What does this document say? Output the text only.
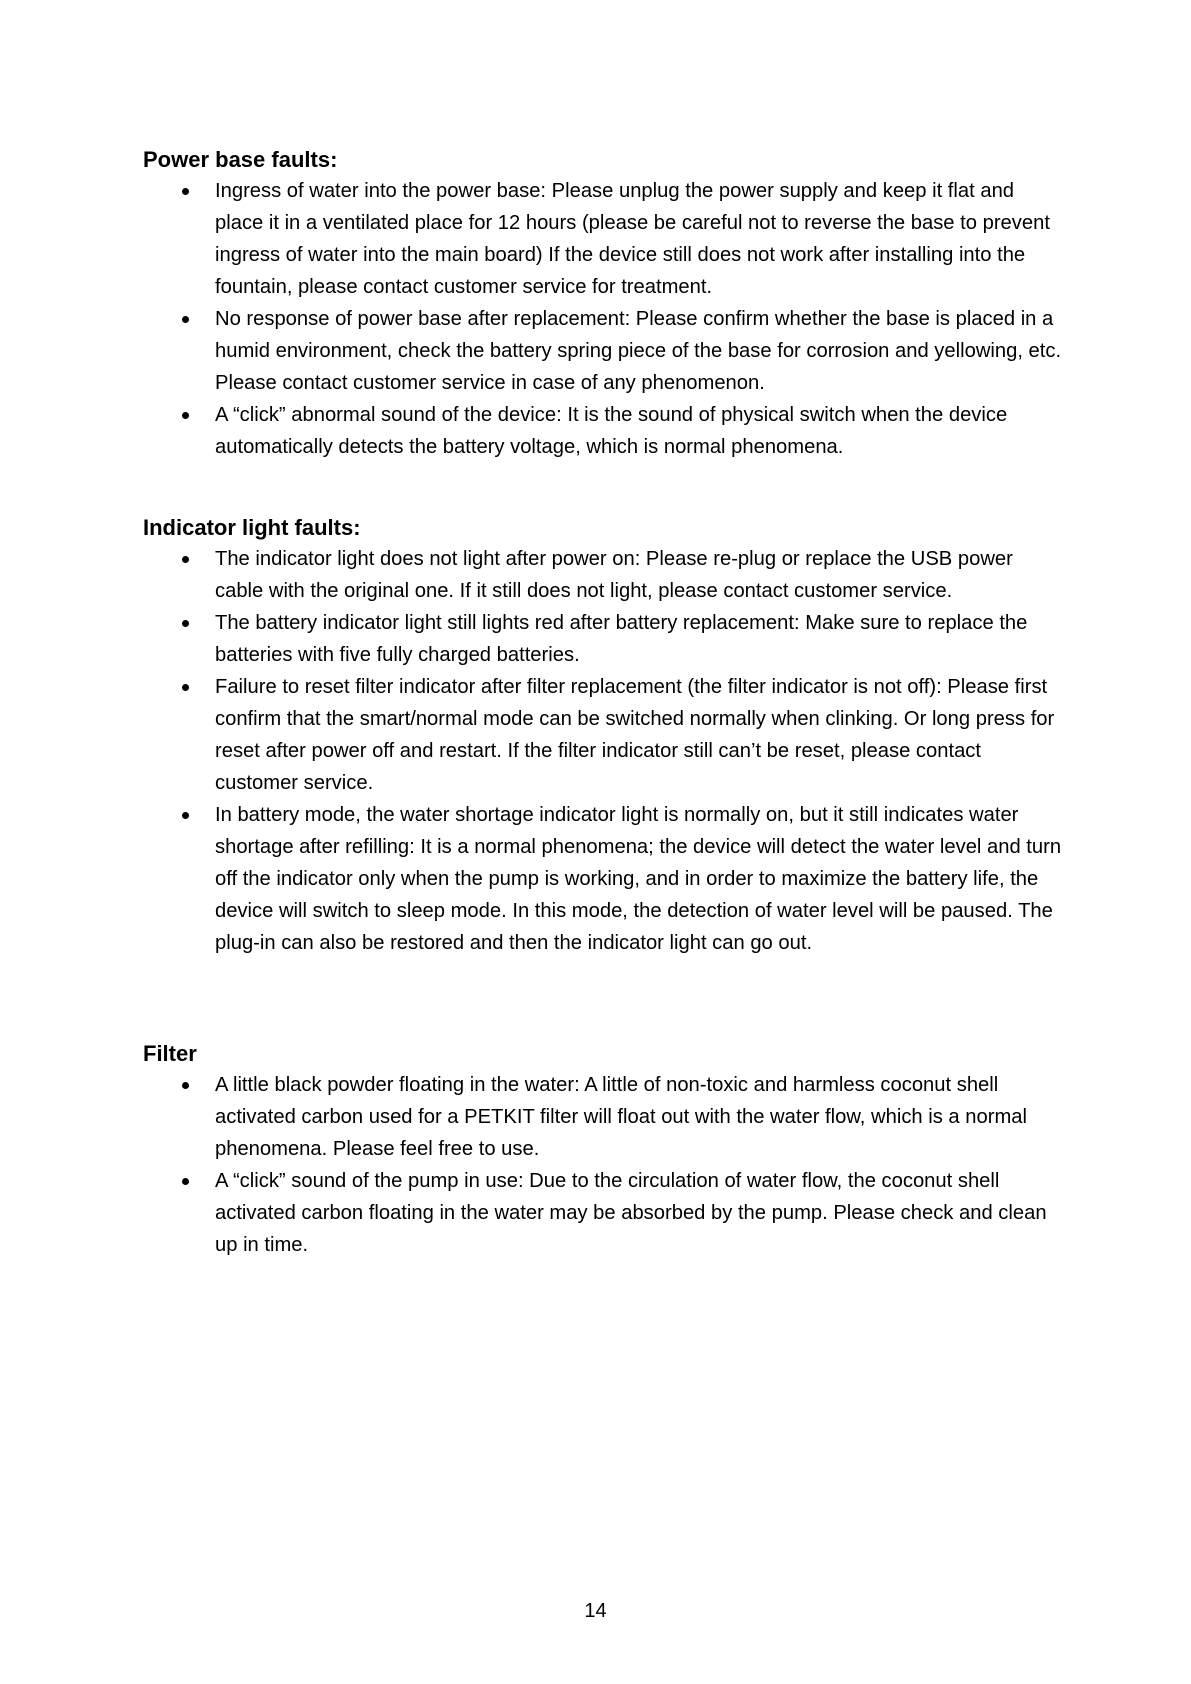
Power base faults:
Ingress of water into the power base: Please unplug the power supply and keep it flat and place it in a ventilated place for 12 hours (please be careful not to reverse the base to prevent ingress of water into the main board) If the device still does not work after installing into the fountain, please contact customer service for treatment.
No response of power base after replacement: Please confirm whether the base is placed in a humid environment, check the battery spring piece of the base for corrosion and yellowing, etc. Please contact customer service in case of any phenomenon.
A “click” abnormal sound of the device: It is the sound of physical switch when the device automatically detects the battery voltage, which is normal phenomena.
Indicator light faults:
The indicator light does not light after power on: Please re-plug or replace the USB power cable with the original one. If it still does not light, please contact customer service.
The battery indicator light still lights red after battery replacement: Make sure to replace the batteries with five fully charged batteries.
Failure to reset filter indicator after filter replacement (the filter indicator is not off): Please first confirm that the smart/normal mode can be switched normally when clinking. Or long press for reset after power off and restart. If the filter indicator still can’t be reset, please contact customer service.
In battery mode, the water shortage indicator light is normally on, but it still indicates water shortage after refilling: It is a normal phenomena; the device will detect the water level and turn off the indicator only when the pump is working, and in order to maximize the battery life, the device will switch to sleep mode. In this mode, the detection of water level will be paused. The plug-in can also be restored and then the indicator light can go out.
Filter
A little black powder floating in the water: A little of non-toxic and harmless coconut shell activated carbon used for a PETKIT filter will float out with the water flow, which is a normal phenomena. Please feel free to use.
A “click” sound of the pump in use: Due to the circulation of water flow, the coconut shell activated carbon floating in the water may be absorbed by the pump. Please check and clean up in time.
14
